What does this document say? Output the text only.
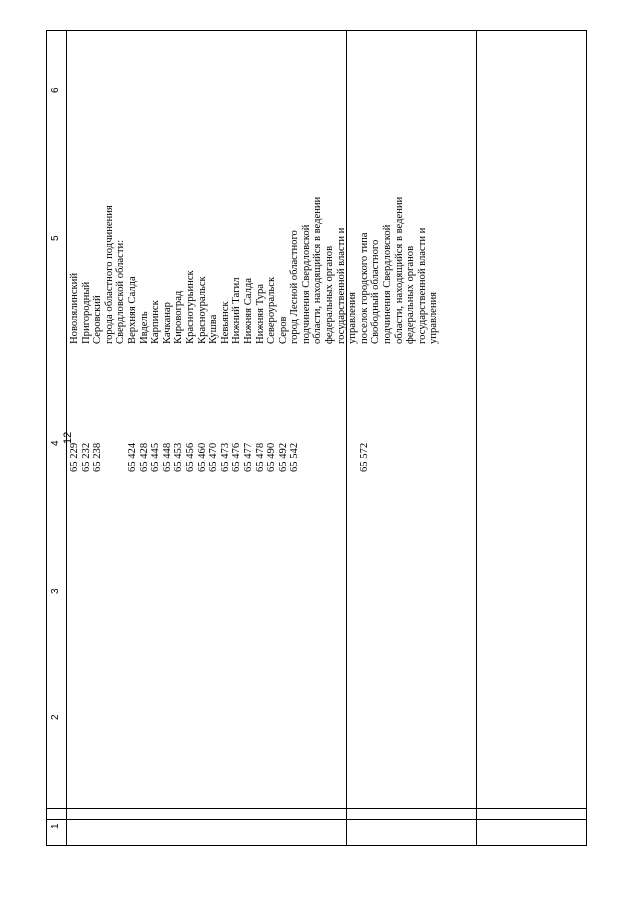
12
1
2
3
4
5
6
Новолялинский Пригородный Серовский города областного подчинения Свердловской области: Верхняя Салда Ивдель Карпинск Качканар Кировоград Краснотурьинск Красноуральск Кушва Невьянск Нижний Тагил Нижняя Салда Нижняя Тура Североуральск Серов город Лесной областного подчинения Свердловской области, находящийся в ведении федеральных органов государственной власти и управления поселок городского типа Свободный областного подчинения Свердловской области, находящийся в ведении федеральных органов государственной власти и управления
65 229 65 232 65 238 65 424 65 428 65 445 65 448 65 453 65 456 65 460 65 470 65 473 65 476 65 477 65 478 65 490 65 492 65 542	65 572
